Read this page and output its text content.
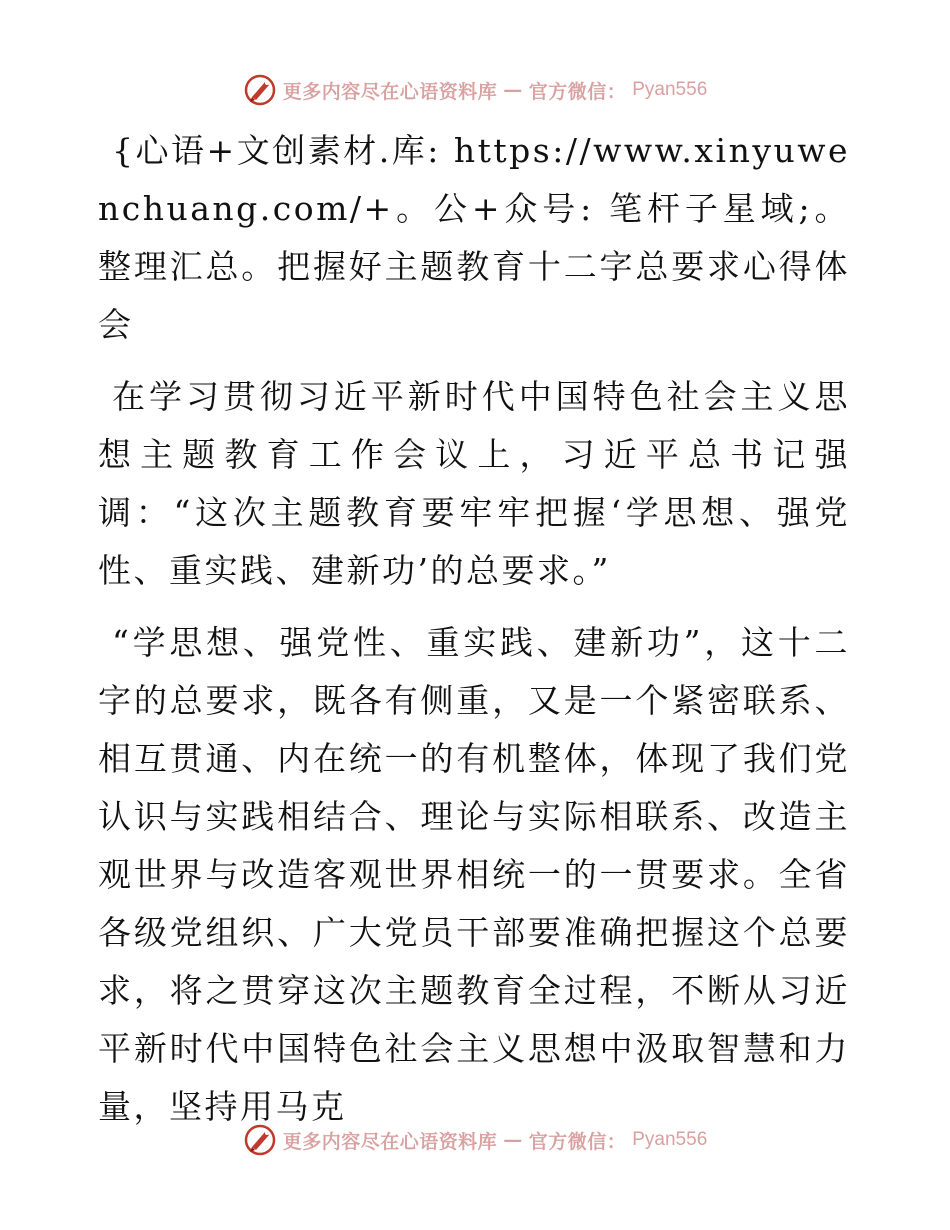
更多内容尽在心语资料库 — 官方微信： Pyan556

{心语+文创素材.库: https://www.xinyuwenchuang.com/+。公+众号: 笔杆子星域;。整理汇总。把握好主题教育十二字总要求心得体会

在学习贯彻习近平新时代中国特色社会主义思想主题教育工作会议上，习近平总书记强调：“这次主题教育要牢牢把握‘学思想、强党性、重实践、建新功’的总要求。”

“学思想、强党性、重实践、建新功”，这十二字的总要求，既各有侧重，又是一个紧密联系、相互贯通、内在统一的有机整体，体现了我们党认识与实践相结合、理论与实际相联系、改造主观世界与改造客观世界相统一的一贯要求。全省各级党组织、广大党员干部要准确把握这个总要求，将之贯穿这次主题教育全过程，不断从习近平新时代中国特色社会主义思想中汲取智慧和力量，坚持用马克

更多内容尽在心语资料库 — 官方微信： Pyan556
